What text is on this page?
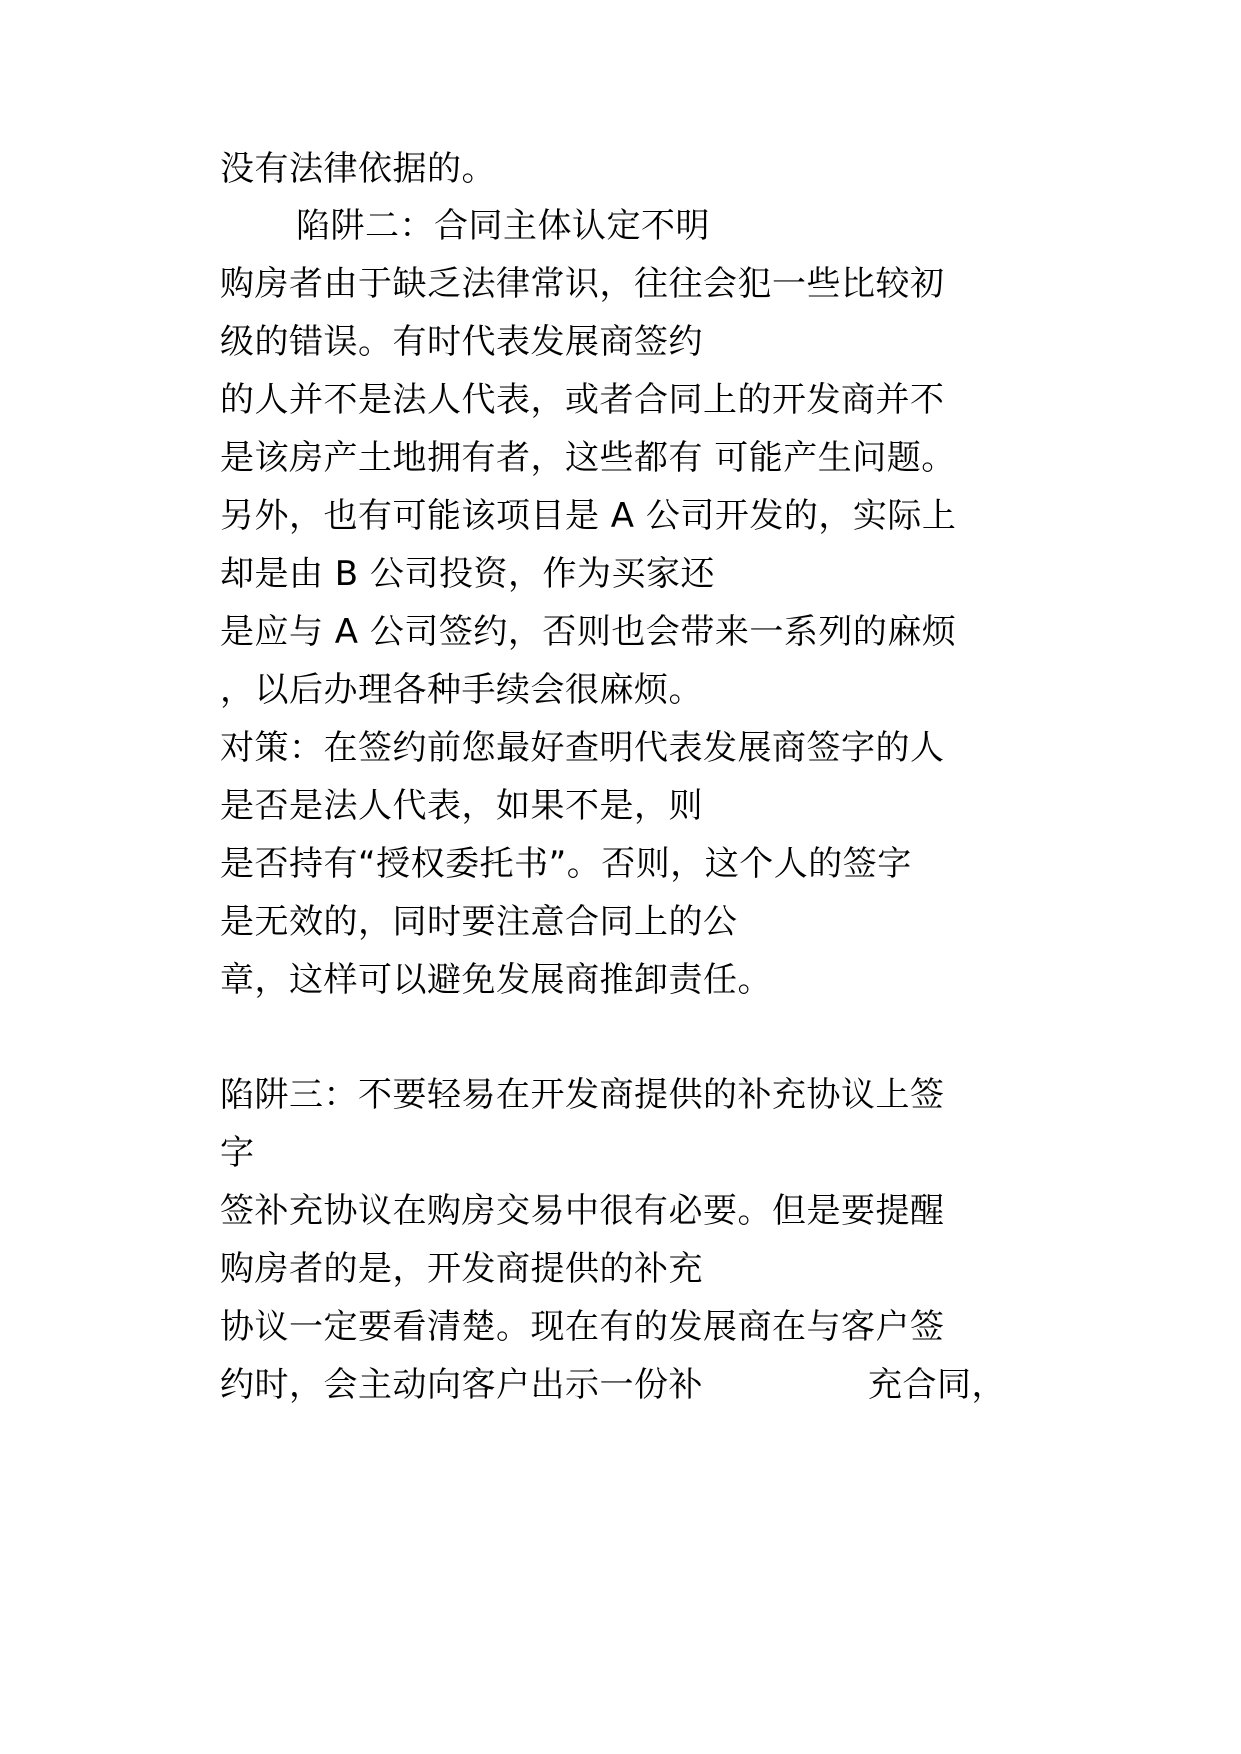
没有法律依据的。
陷阱二：合同主体认定不明
购房者由于缺乏法律常识，往往会犯一些比较初
级的错误。有时代表发展商签约
的人并不是法人代表，或者合同上的开发商并不
是该房产土地拥有者，这些都有 可能产生问题。
另外，也有可能该项目是 A 公司开发的，实际上
却是由 B 公司投资，作为买家还
是应与 A 公司签约，否则也会带来一系列的麻烦
，以后办理各种手续会很麻烦。
对策：在签约前您最好查明代表发展商签字的人
是否是法人代表，如果不是，则
是否持有“授权委托书”。否则，这个人的签字
是无效的，同时要注意合同上的公
章，这样可以避免发展商推卸责任。
陷阱三：不要轻易在开发商提供的补充协议上签
字
签补充协议在购房交易中很有必要。但是要提醒
购房者的是，开发商提供的补充
协议一定要看清楚。现在有的发展商在与客户签
约时，会主动向客户出示一份补	充合同，
